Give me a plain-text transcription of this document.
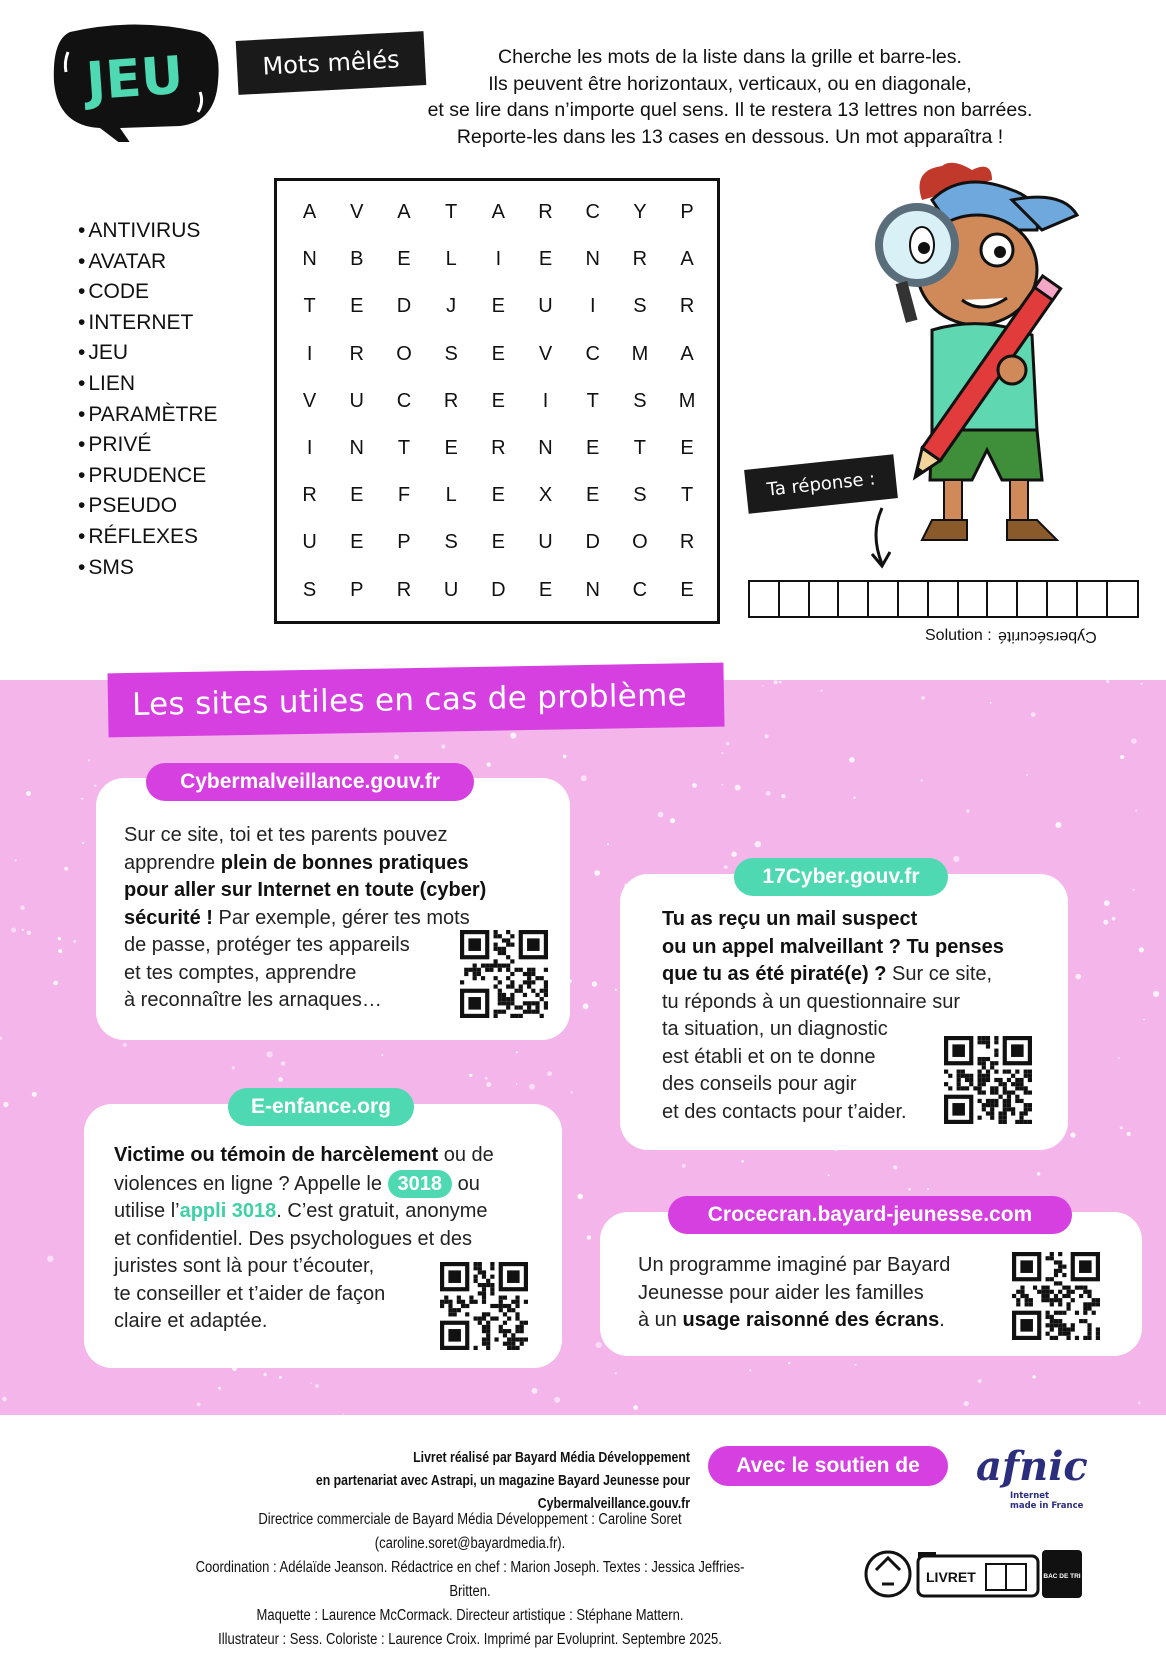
JEU	Mots mêlés	Cherche les mots de la liste dans la grille et barre-les.
Ils peuvent être horizontaux, verticaux, ou en diagonale,
et se lire dans n’importe quel sens. Il te restera 13 lettres non barrées.
Reporte-les dans les 13 cases en dessous. Un mot apparaîtra !
• ANTIVIRUS
• AVATAR
• CODE
• INTERNET
• JEU
• LIEN
• PARAMÈTRE
• PRIVÉ
• PRUDENCE
• PSEUDO
• RÉFLEXES
• SMS
A	V	A	T	A	R	C	Y	P
N	B	E	L	I	E	N	R	A
T	E	D	J	E	U	I	S	R
I	R	O	S	E	V	C	M	A
V	U	C	R	E	I	T	S	M
I	N	T	E	R	N	E	T	E
R	E	F	L	E	X	E	S	T
U	E	P	S	E	U	D	O	R
S	P	R	U	D	E	N	C	E
Ta réponse :
Solution : Cybersécurité
Les sites utiles en cas de problème
Sur ce site, toi et tes parents pouvez
apprendre plein de bonnes pratiques
pour aller sur Internet en toute (cyber)
sécurité ! Par exemple, gérer tes mots
de passe, protéger tes appareils
et tes comptes, apprendre
à reconnaître les arnaques…
Cybermalveillance.gouv.fr
Tu as reçu un mail suspect
ou un appel malveillant ? Tu penses
que tu as été piraté(e) ? Sur ce site,
tu réponds à un questionnaire sur
ta situation, un diagnostic
est établi et on te donne
des conseils pour agir
et des contacts pour t’aider.
17Cyber.gouv.fr
Victime ou témoin de harcèlement ou de
violences en ligne ? Appelle le 3018 ou
utilise l’appli 3018. C’est gratuit, anonyme
et confidentiel. Des psychologues et des
juristes sont là pour t’écouter,
te conseiller et t’aider de façon
claire et adaptée.
E-enfance.org
Un programme imaginé par Bayard
Jeunesse pour aider les familles
à un usage raisonné des écrans.
Crocecran.bayard-jeunesse.com
Livret réalisé par Bayard Média Développement
en partenariat avec Astrapi, un magazine Bayard Jeunesse pour Cybermalveillance.gouv.fr
Avec le soutien de	afnic
Internet
made in France
Directrice commerciale de Bayard Média Développement : Caroline Soret (caroline.soret@bayardmedia.fr).
Coordination : Adélaïde Jeanson. Rédactrice en chef : Marion Joseph. Textes : Jessica Jeffries-Britten.
Maquette : Laurence McCormack. Directeur artistique : Stéphane Mattern.
Illustrateur : Sess. Coloriste : Laurence Croix. Imprimé par Evoluprint. Septembre 2025.
LIVRET	BAC DE TRI
